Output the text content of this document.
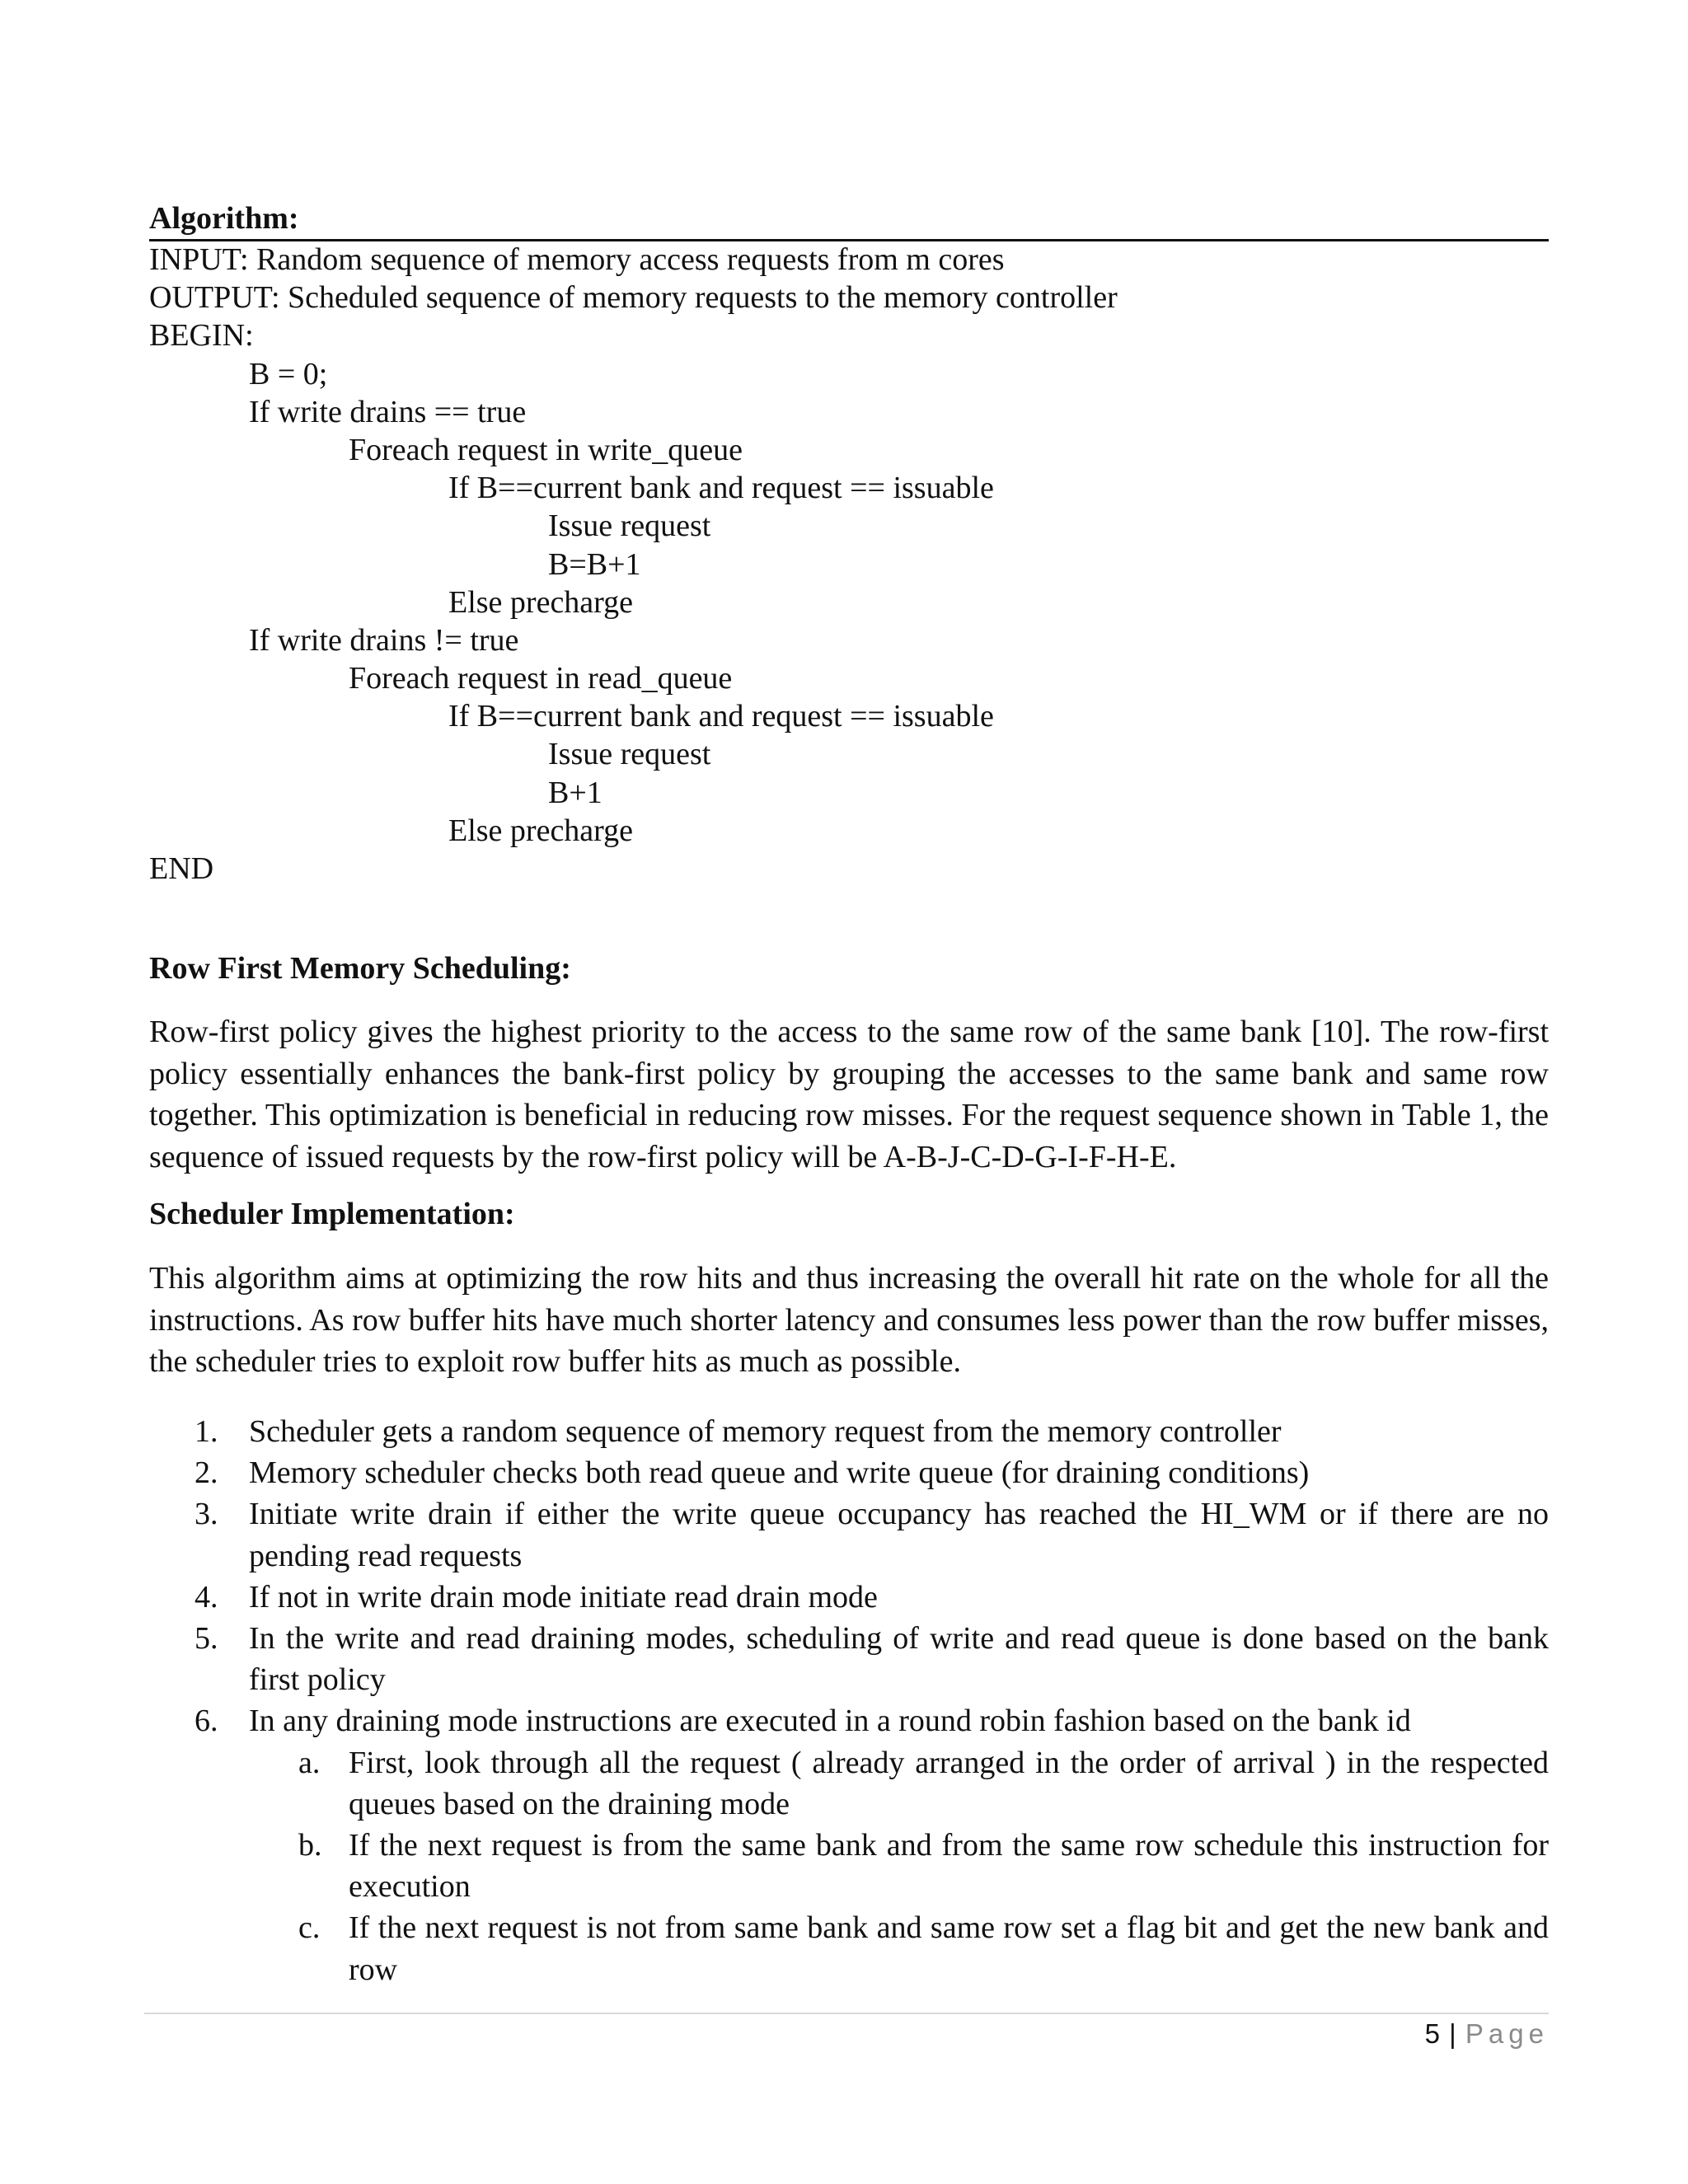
Algorithm:
INPUT: Random sequence of memory access requests from m cores
OUTPUT: Scheduled sequence of memory requests to the memory controller
BEGIN:
B = 0;
If write drains == true
Foreach request in write_queue
If B==current bank and request == issuable
Issue request
B=B+1
Else precharge
If write drains != true
Foreach request in read_queue
If B==current bank and request == issuable
Issue request
B+1
Else precharge
END
Row First Memory Scheduling:
Row-first policy gives the highest priority to the access to the same row of the same bank [10]. The row-first policy essentially enhances the bank-first policy by grouping the accesses to the same bank and same row together. This optimization is beneficial in reducing row misses. For the request sequence shown in Table 1, the sequence of issued requests by the row-first policy will be A-B-J-C-D-G-I-F-H-E.
Scheduler Implementation:
This algorithm aims at optimizing the row hits and thus increasing the overall hit rate on the whole for all the instructions. As row buffer hits have much shorter latency and consumes less power than the row buffer misses, the scheduler tries to exploit row buffer hits as much as possible.
1. Scheduler gets a random sequence of memory request from the memory controller
2. Memory scheduler checks both read queue and write queue (for draining conditions)
3. Initiate write drain if either the write queue occupancy has reached the HI_WM or if there are no pending read requests
4. If not in write drain mode initiate read drain mode
5. In the write and read draining modes, scheduling of write and read queue is done based on the bank first policy
6. In any draining mode instructions are executed in a round robin fashion based on the bank id
a. First, look through all the request ( already arranged in the order of arrival ) in the respected queues based on the draining mode
b. If the next request is from the same bank and from the same row schedule this instruction for execution
c. If the next request is not from same bank and same row set a flag bit and get the new bank and row
5 | Page
